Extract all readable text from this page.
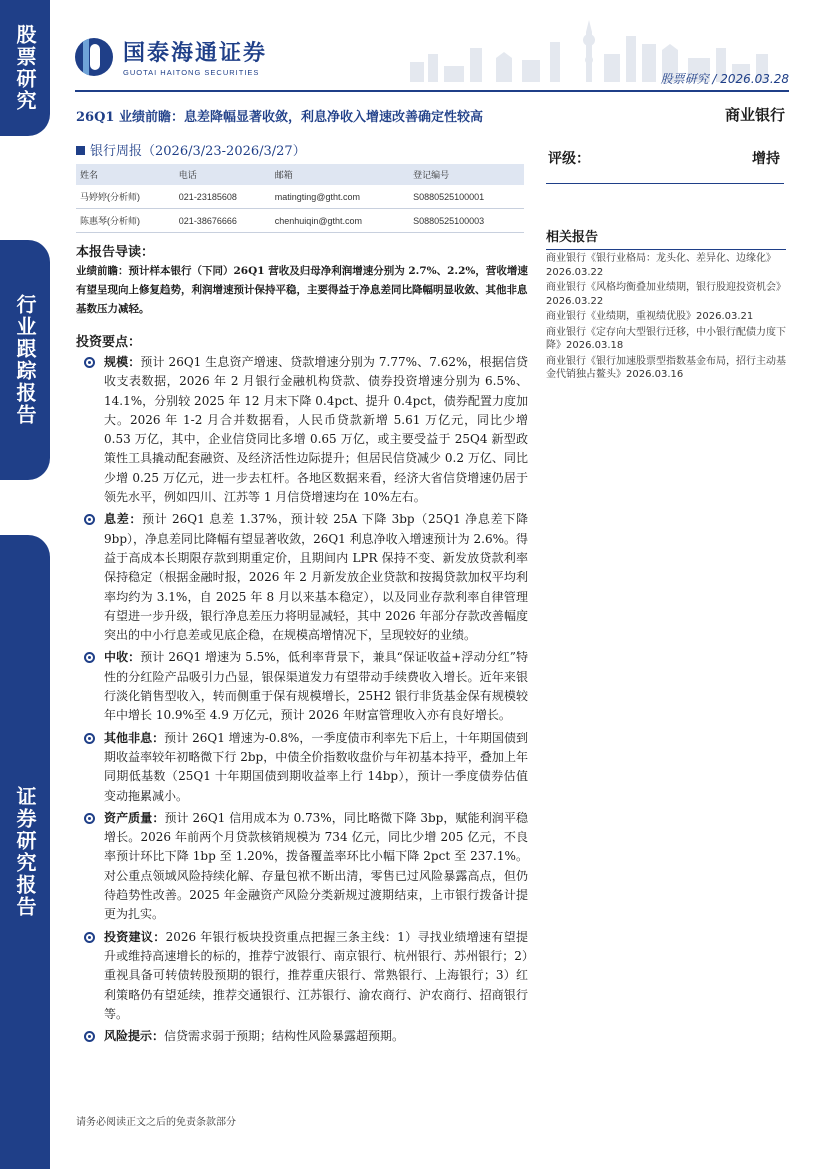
股票研究
行业跟踪报告
证券研究报告
国泰海通证券
GUOTAI HAITONG SECURITIES	股票研究 / 2026.03.28
26Q1 业绩前瞻：息差降幅显著收敛，利息净收入增速改善确定性较高	商业银行
银行周报（2026/3/23-2026/3/27）
姓名	电话	邮箱	登记编号
马婷婷(分析师)	021-23185608	matingting@gtht.com	S0880525100001
陈惠琴(分析师)	021-38676666	chenhuiqin@gtht.com	S0880525100003
评级：	增持
相关报告
商业银行《银行业格局：龙头化、差异化、边缘化》2026.03.22
商业银行《风格均衡叠加业绩期，银行股迎投资机会》2026.03.22
商业银行《业绩期，重视绩优股》2026.03.21
商业银行《定存向大型银行迁移，中小银行配债力度下降》2026.03.18
商业银行《银行加速股票型指数基金布局，招行主动基金代销独占鳌头》2026.03.16
本报告导读：
业绩前瞻：预计样本银行（下同）26Q1 营收及归母净利润增速分别为 2.7%、2.2%，营收增速有望呈现向上修复趋势，利润增速预计保持平稳，主要得益于净息差同比降幅明显收敛、其他非息基数压力减轻。
投资要点：
规模：预计 26Q1 生息资产增速、贷款增速分别为 7.77%、7.62%，根据信贷收支表数据，2026 年 2 月银行金融机构贷款、债券投资增速分别为 6.5%、14.1%，分别较 2025 年 12 月末下降 0.4pct、提升 0.4pct，债券配置力度加大。2026 年 1-2 月合并数据看，人民币贷款新增 5.61 万亿元，同比少增 0.53 万亿，其中，企业信贷同比多增 0.65 万亿，或主要受益于 25Q4 新型政策性工具撬动配套融资、及经济活性边际提升；但居民信贷减少 0.2 万亿、同比少增 0.25 万亿元，进一步去杠杆。各地区数据来看，经济大省信贷增速仍居于领先水平，例如四川、江苏等 1 月信贷增速均在 10%左右。
息差：预计 26Q1 息差 1.37%，预计较 25A 下降 3bp（25Q1 净息差下降 9bp），净息差同比降幅有望显著收敛，26Q1 利息净收入增速预计为 2.6%。得益于高成本长期限存款到期重定价，且期间内 LPR 保持不变、新发放贷款利率保持稳定（根据金融时报，2026 年 2 月新发放企业贷款和按揭贷款加权平均利率均约为 3.1%，自 2025 年 8 月以来基本稳定），以及同业存款利率自律管理有望进一步升级，银行净息差压力将明显减轻，其中 2026 年部分存款改善幅度突出的中小行息差或见底企稳，在规模高增情况下，呈现较好的业绩。
中收：预计 26Q1 增速为 5.5%，低利率背景下，兼具“保证收益+浮动分红”特性的分红险产品吸引力凸显，银保渠道发力有望带动手续费收入增长。近年来银行淡化销售型收入，转而侧重于保有规模增长，25H2 银行非货基金保有规模较年中增长 10.9%至 4.9 万亿元，预计 2026 年财富管理收入亦有良好增长。
其他非息：预计 26Q1 增速为-0.8%，一季度债市利率先下后上，十年期国债到期收益率较年初略微下行 2bp，中债全价指数收盘价与年初基本持平，叠加上年同期低基数（25Q1 十年期国债到期收益率上行 14bp），预计一季度债券估值变动拖累减小。
资产质量：预计 26Q1 信用成本为 0.73%，同比略微下降 3bp，赋能利润平稳增长。2026 年前两个月贷款核销规模为 734 亿元，同比少增 205 亿元，不良率预计环比下降 1bp 至 1.20%，拨备覆盖率环比小幅下降 2pct 至 237.1%。对公重点领域风险持续化解、存量包袱不断出清，零售已过风险暴露高点，但仍待趋势性改善。2025 年金融资产风险分类新规过渡期结束，上市银行拨备计提更为扎实。
投资建议：2026 年银行板块投资重点把握三条主线：1）寻找业绩增速有望提升或维持高速增长的标的，推荐宁波银行、南京银行、杭州银行、苏州银行；2）重视具备可转债转股预期的银行，推荐重庆银行、常熟银行、上海银行；3）红利策略仍有望延续，推荐交通银行、江苏银行、渝农商行、沪农商行、招商银行等。
风险提示：信贷需求弱于预期；结构性风险暴露超预期。
请务必阅读正文之后的免责条款部分
